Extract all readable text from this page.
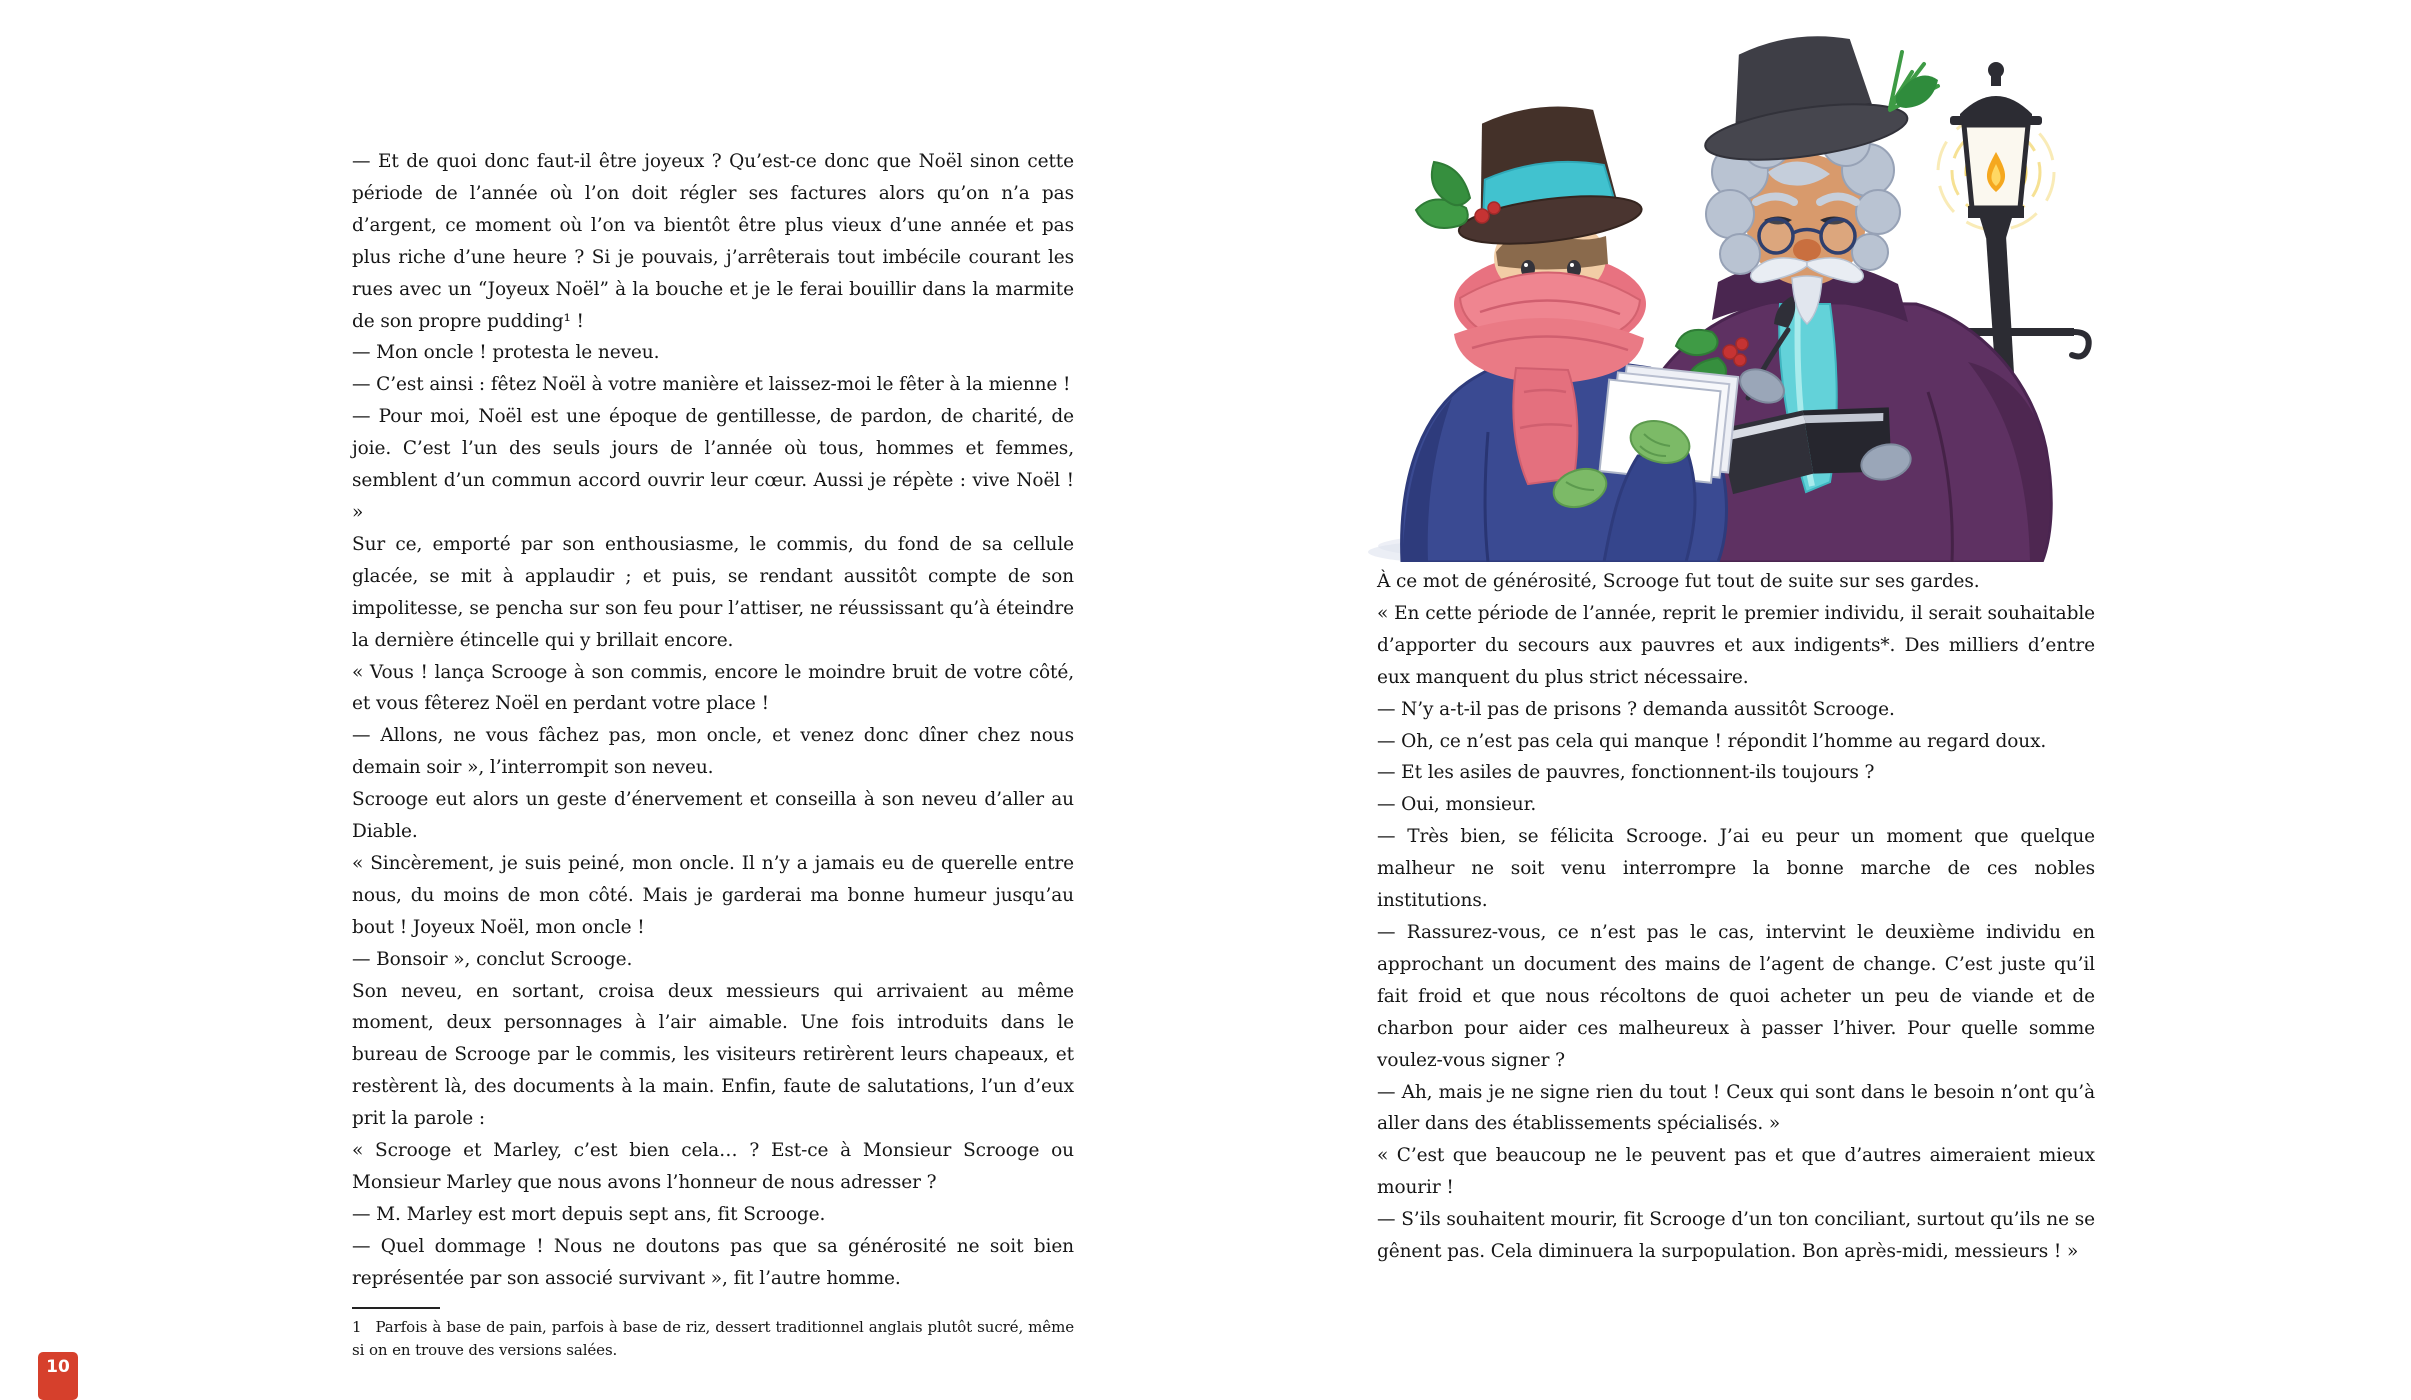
— Et de quoi donc faut-il être joyeux ? Qu’est-ce donc que Noël sinon cette période de l’année où l’on doit régler ses factures alors qu’on n’a pas d’argent, ce moment où l’on va bientôt être plus vieux d’une année et pas plus riche d’une heure ? Si je pouvais, j’arrêterais tout imbécile courant les rues avec un “Joyeux Noël” à la bouche et je le ferai bouillir dans la marmite de son propre pudding¹ !

— Mon oncle ! protesta le neveu.

— C’est ainsi : fêtez Noël à votre manière et laissez-moi le fêter à la mienne !

— Pour moi, Noël est une époque de gentillesse, de pardon, de charité, de joie. C’est l’un des seuls jours de l’année où tous, hommes et femmes, semblent d’un commun accord ouvrir leur cœur. Aussi je répète : vive Noël ! »

Sur ce, emporté par son enthousiasme, le commis, du fond de sa cellule glacée, se mit à applaudir ; et puis, se rendant aussitôt compte de son impolitesse, se pencha sur son feu pour l’attiser, ne réussissant qu’à éteindre la dernière étincelle qui y brillait encore.

« Vous ! lança Scrooge à son commis, encore le moindre bruit de votre côté, et vous fêterez Noël en perdant votre place !

— Allons, ne vous fâchez pas, mon oncle, et venez donc dîner chez nous demain soir », l’interrompit son neveu.

Scrooge eut alors un geste d’énervement et conseilla à son neveu d’aller au Diable.

« Sincèrement, je suis peiné, mon oncle. Il n’y a jamais eu de querelle entre nous, du moins de mon côté. Mais je garderai ma bonne humeur jusqu’au bout ! Joyeux Noël, mon oncle !

— Bonsoir », conclut Scrooge.

Son neveu, en sortant, croisa deux messieurs qui arrivaient au même moment, deux personnages à l’air aimable. Une fois introduits dans le bureau de Scrooge par le commis, les visiteurs retirèrent leurs chapeaux, et restèrent là, des documents à la main. Enfin, faute de salutations, l’un d’eux prit la parole :

« Scrooge et Marley, c’est bien cela… ? Est-ce à Monsieur Scrooge ou Monsieur Marley que nous avons l’honneur de nous adresser ?

— M. Marley est mort depuis sept ans, fit Scrooge.

— Quel dommage ! Nous ne doutons pas que sa générosité ne soit bien représentée par son associé survivant », fit l’autre homme.

1 Parfois à base de pain, parfois à base de riz, dessert traditionnel anglais plutôt sucré, même si on en trouve des versions salées.

À ce mot de générosité, Scrooge fut tout de suite sur ses gardes.

« En cette période de l’année, reprit le premier individu, il serait souhaitable d’apporter du secours aux pauvres et aux indigents*. Des milliers d’entre eux manquent du plus strict nécessaire.

— N’y a-t-il pas de prisons ? demanda aussitôt Scrooge.

— Oh, ce n’est pas cela qui manque ! répondit l’homme au regard doux.

— Et les asiles de pauvres, fonctionnent-ils toujours ?

— Oui, monsieur.

— Très bien, se félicita Scrooge. J’ai eu peur un moment que quelque malheur ne soit venu interrompre la bonne marche de ces nobles institutions.

— Rassurez-vous, ce n’est pas le cas, intervint le deuxième individu en approchant un document des mains de l’agent de change. C’est juste qu’il fait froid et que nous récoltons de quoi acheter un peu de viande et de charbon pour aider ces malheureux à passer l’hiver. Pour quelle somme voulez-vous signer ?

— Ah, mais je ne signe rien du tout ! Ceux qui sont dans le besoin n’ont qu’à aller dans des établissements spécialisés. »

« C’est que beaucoup ne le peuvent pas et que d’autres aimeraient mieux mourir !

— S’ils souhaitent mourir, fit Scrooge d’un ton conciliant, surtout qu’ils ne se gênent pas. Cela diminuera la surpopulation. Bon après-midi, messieurs ! »

10
